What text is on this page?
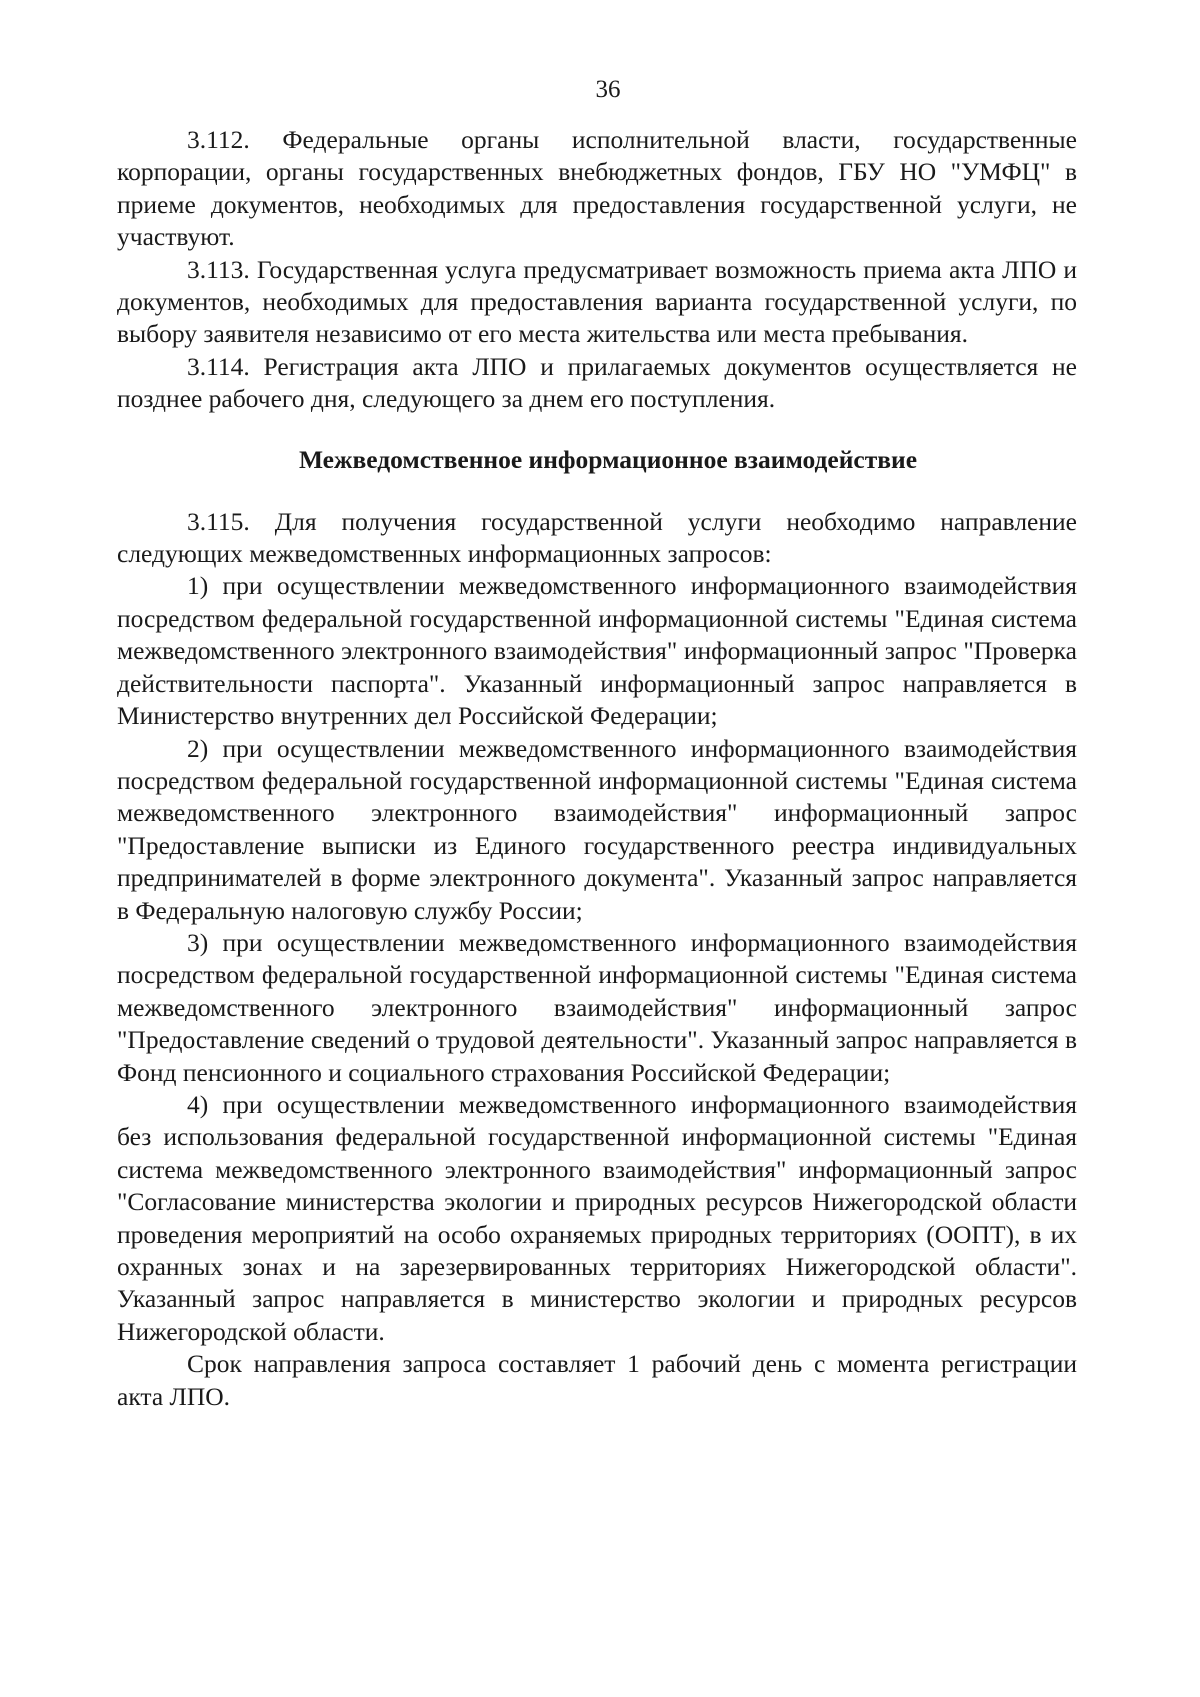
36

3.112. Федеральные органы исполнительной власти, государственные корпорации, органы государственных внебюджетных фондов, ГБУ НО "УМФЦ" в приеме документов, необходимых для предоставления государственной услуги, не участвуют.

3.113. Государственная услуга предусматривает возможность приема акта ЛПО и документов, необходимых для предоставления варианта государственной услуги, по выбору заявителя независимо от его места жительства или места пребывания.

3.114. Регистрация акта ЛПО и прилагаемых документов осуществляется не позднее рабочего дня, следующего за днем его поступления.

Межведомственное информационное взаимодействие

3.115. Для получения государственной услуги необходимо направление следующих межведомственных информационных запросов:

1) при осуществлении межведомственного информационного взаимодействия посредством федеральной государственной информационной системы "Единая система межведомственного электронного взаимодействия" информационный запрос "Проверка действительности паспорта". Указанный информационный запрос направляется в Министерство внутренних дел Российской Федерации;

2) при осуществлении межведомственного информационного взаимодействия посредством федеральной государственной информационной системы "Единая система межведомственного электронного взаимодействия" информационный запрос "Предоставление выписки из Единого государственного реестра индивидуальных предпринимателей в форме электронного документа". Указанный запрос направляется в Федеральную налоговую службу России;

3) при осуществлении межведомственного информационного взаимодействия посредством федеральной государственной информационной системы "Единая система межведомственного электронного взаимодействия" информационный запрос "Предоставление сведений о трудовой деятельности". Указанный запрос направляется в Фонд пенсионного и социального страхования Российской Федерации;

4) при осуществлении межведомственного информационного взаимодействия без использования федеральной государственной информационной системы "Единая система межведомственного электронного взаимодействия" информационный запрос "Согласование министерства экологии и природных ресурсов Нижегородской области проведения мероприятий на особо охраняемых природных территориях (ООПТ), в их охранных зонах и на зарезервированных территориях Нижегородской области". Указанный запрос направляется в министерство экологии и природных ресурсов Нижегородской области.

Срок направления запроса составляет 1 рабочий день с момента регистрации акта ЛПО.
